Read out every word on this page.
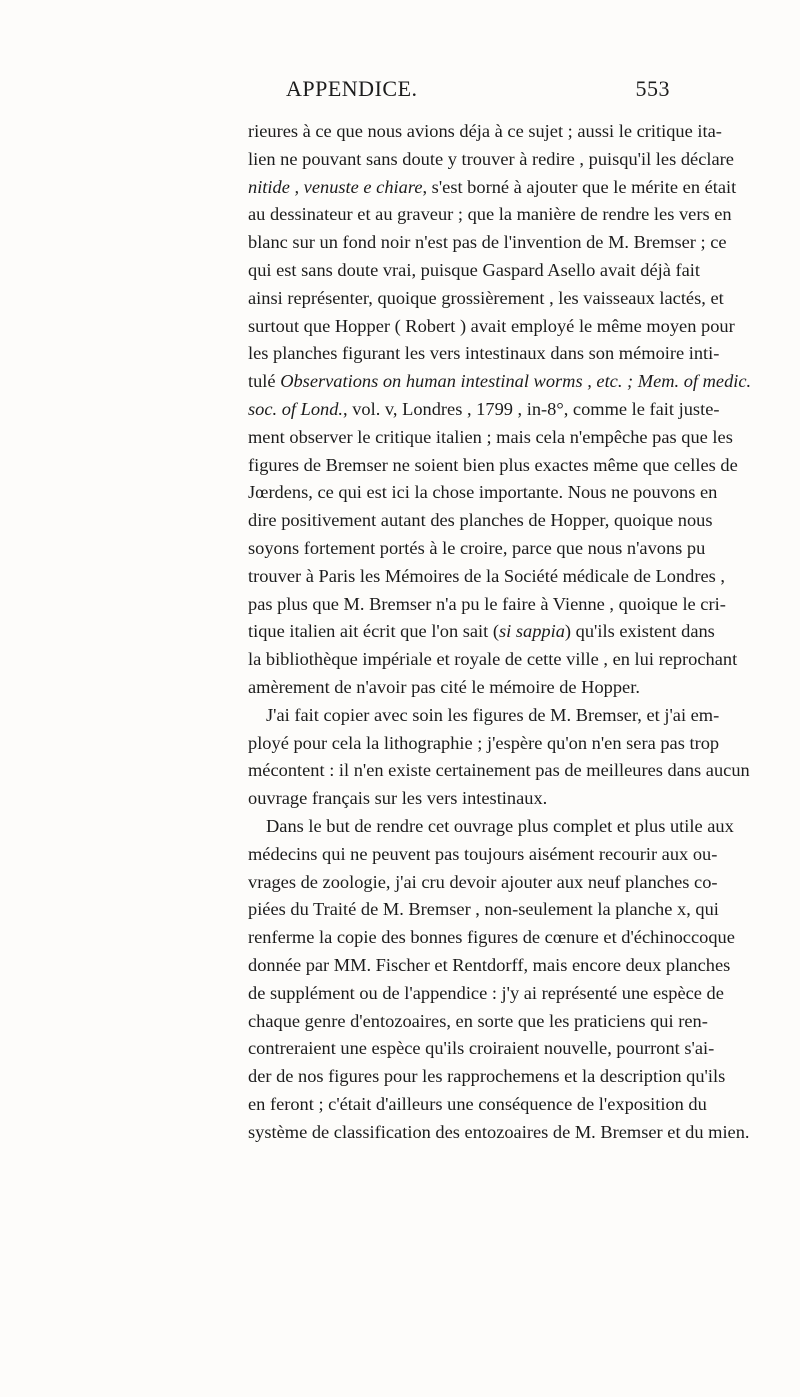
APPENDICE.	553
rieures à ce que nous avions déja à ce sujet ; aussi le critique ita-
lien ne pouvant sans doute y trouver à redire , puisqu'il les déclare
nitide , venuste e chiare, s'est borné à ajouter que le mérite en était
au dessinateur et au graveur ; que la manière de rendre les vers en
blanc sur un fond noir n'est pas de l'invention de M. Bremser ; ce
qui est sans doute vrai, puisque Gaspard Asello avait déjà fait
ainsi représenter, quoique grossièrement , les vaisseaux lactés, et
surtout que Hopper ( Robert ) avait employé le même moyen pour
les planches figurant les vers intestinaux dans son mémoire inti-
tulé Observations on human intestinal worms , etc. ; Mem. of medic.
soc. of Lond., vol. v, Londres , 1799 , in-8°, comme le fait juste-
ment observer le critique italien ; mais cela n'empêche pas que les
figures de Bremser ne soient bien plus exactes même que celles de
Jœrdens, ce qui est ici la chose importante. Nous ne pouvons en
dire positivement autant des planches de Hopper, quoique nous
soyons fortement portés à le croire, parce que nous n'avons pu
trouver à Paris les Mémoires de la Société médicale de Londres ,
pas plus que M. Bremser n'a pu le faire à Vienne , quoique le cri-
tique italien ait écrit que l'on sait (si sappia) qu'ils existent dans
la bibliothèque impériale et royale de cette ville , en lui reprochant
amèrement de n'avoir pas cité le mémoire de Hopper.
J'ai fait copier avec soin les figures de M. Bremser, et j'ai em-
ployé pour cela la lithographie ; j'espère qu'on n'en sera pas trop
mécontent : il n'en existe certainement pas de meilleures dans aucun
ouvrage français sur les vers intestinaux.
Dans le but de rendre cet ouvrage plus complet et plus utile aux
médecins qui ne peuvent pas toujours aisément recourir aux ou-
vrages de zoologie, j'ai cru devoir ajouter aux neuf planches co-
piées du Traité de M. Bremser , non-seulement la planche x, qui
renferme la copie des bonnes figures de cœnure et d'échinoccoque
donnée par MM. Fischer et Rentdorff, mais encore deux planches
de supplément ou de l'appendice : j'y ai représenté une espèce de
chaque genre d'entozoaires, en sorte que les praticiens qui ren-
contreraient une espèce qu'ils croiraient nouvelle, pourront s'ai-
der de nos figures pour les rapprochemens et la description qu'ils
en feront ; c'était d'ailleurs une conséquence de l'exposition du
système de classification des entozoaires de M. Bremser et du mien.
